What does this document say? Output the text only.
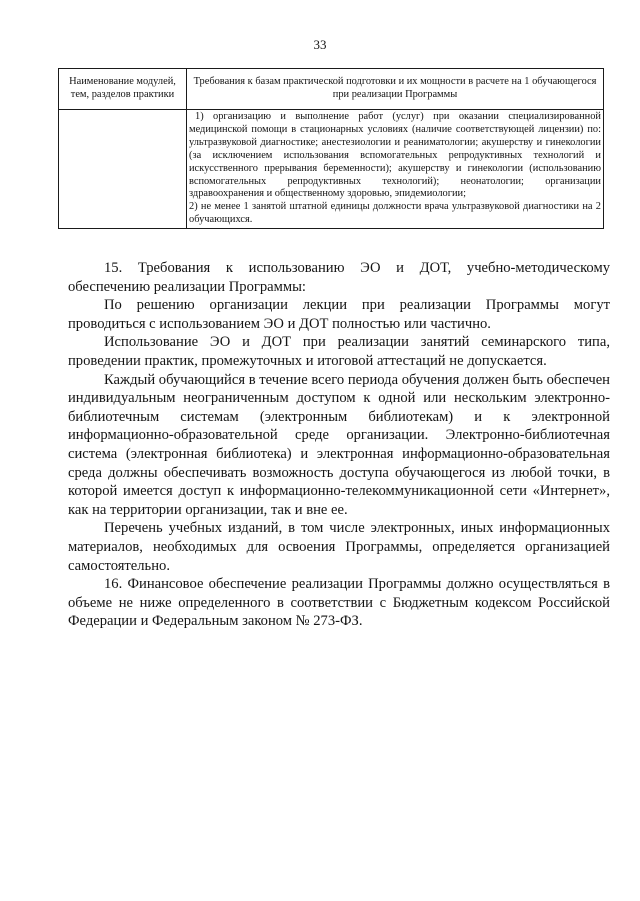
33
Наименование модулей, тем, разделов практики	Требования к базам практической подготовки и их мощности в расчете на 1 обучающегося при реализации Программы

	1) организацию и выполнение работ (услуг) при оказании специализированной медицинской помощи в стационарных условиях (наличие соответствующей лицензии) по: ультразвуковой диагностике; анестезиологии и реаниматологии; акушерству и гинекологии (за исключением использования вспомогательных репродуктивных технологий и искусственного прерывания беременности); акушерству и гинекологии (использованию вспомогательных репродуктивных технологий); неонатологии; организации здравоохранения и общественному здоровью, эпидемиологии;

2) не менее 1 занятой штатной единицы должности врача ультразвуковой диагностики на 2 обучающихся.

15. Требования к использованию ЭО и ДОТ, учебно-методическому обеспечению реализации Программы:

По решению организации лекции при реализации Программы могут проводиться с использованием ЭО и ДОТ полностью или частично.

Использование ЭО и ДОТ при реализации занятий семинарского типа, проведении практик, промежуточных и итоговой аттестаций не допускается.

Каждый обучающийся в течение всего периода обучения должен быть обеспечен индивидуальным неограниченным доступом к одной или нескольким электронно-библиотечным системам (электронным библиотекам) и к электронной информационно-образовательной среде организации. Электронно-библиотечная система (электронная библиотека) и электронная информационно-образовательная среда должны обеспечивать возможность доступа обучающегося из любой точки, в которой имеется доступ к информационно-телекоммуникационной сети «Интернет», как на территории организации, так и вне ее.

Перечень учебных изданий, в том числе электронных, иных информационных материалов, необходимых для освоения Программы, определяется организацией самостоятельно.

16. Финансовое обеспечение реализации Программы должно осуществляться в объеме не ниже определенного в соответствии с Бюджетным кодексом Российской Федерации и Федеральным законом № 273-ФЗ.
